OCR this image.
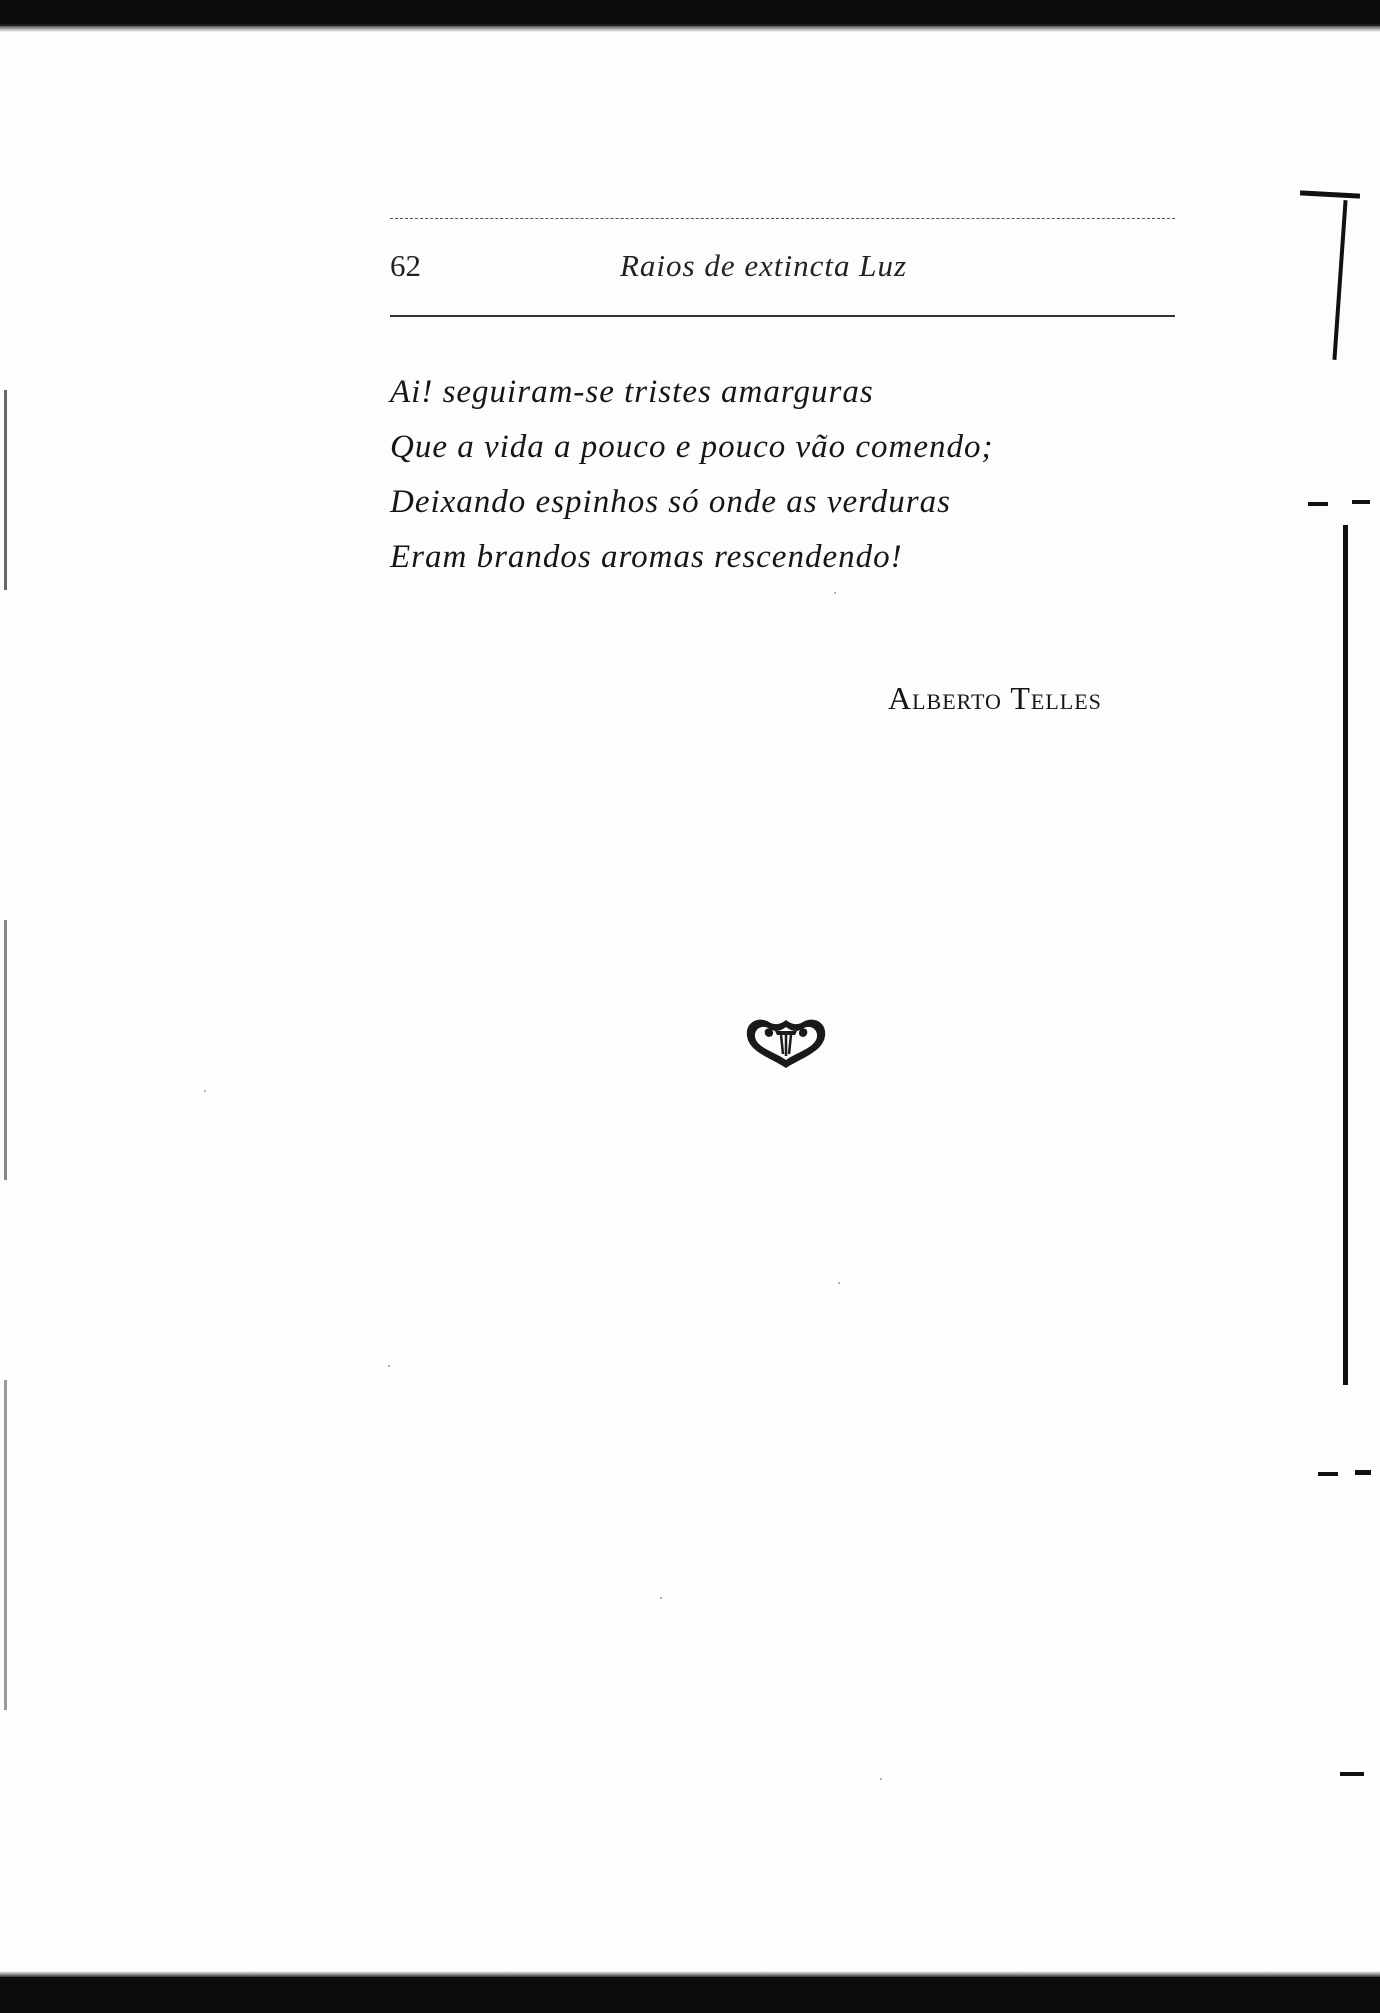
62	Raios de extincta Luz
Ai! seguiram-se tristes amarguras
Que a vida a pouco e pouco vão comendo;
Deixando espinhos só onde as verduras
Eram brandos aromas rescendendo!
Alberto Telles
